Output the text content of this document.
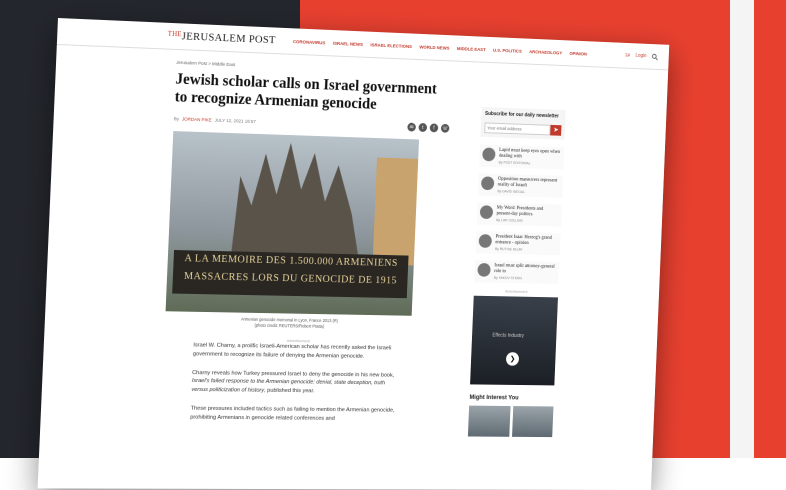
$^{THE}$JERUSALEM POST	CORONAVIRUS ISRAEL NEWS ISRAEL ELECTIONS WORLD NEWS MIDDLE EAST U.S. POLITICS ARCHAEOLOGY OPINION	עב Login
Jerusalem Post > Middle East
Jewish scholar calls on Israel government to recognize Armenian genocide
By JORDAN PIKE JULY 12, 2021 16:57
✉	t	f	☏

A LA MEMOIRE DES 1.500.000 ARMENIENS

MASSACRES LORS DU GENOCIDE DE 1915

Armenian genocide memorial in Lyon, France 2013 (R)
(photo credit: REUTERS/Robert Pratta)
Advertisement

Israel W. Charny, a prolific Israeli-American scholar has recently asked the Israeli government to recognize its failure of denying the Armenian genocide.

Charny reveals how Turkey pressured Israel to deny the genocide in his new book, Israel's failed response to the Armenian genocide: denial, state deception, truth versus politicization of history, published this year.

These pressures included tactics such as failing to mention the Armenian genocide, prohibiting Armenians in genocide related conferences and

Subscribe for our daily newsletter
Your email address
➤
Lapid must keep eyes open when dealing with
By POST EDITORIAL
Opposition maneuvers represent reality of Israeli
By DAVID SIEGAL
My Word: Presidents and present-day politics
By LIAT COLLINS
President Isaac Herzog's grand entrance - opinion
By RUTHIE BLUM
Israel must split attorney-general role to
By YAKOV STERN
Advertisement
Effects Industry
❯
Might Interest You
